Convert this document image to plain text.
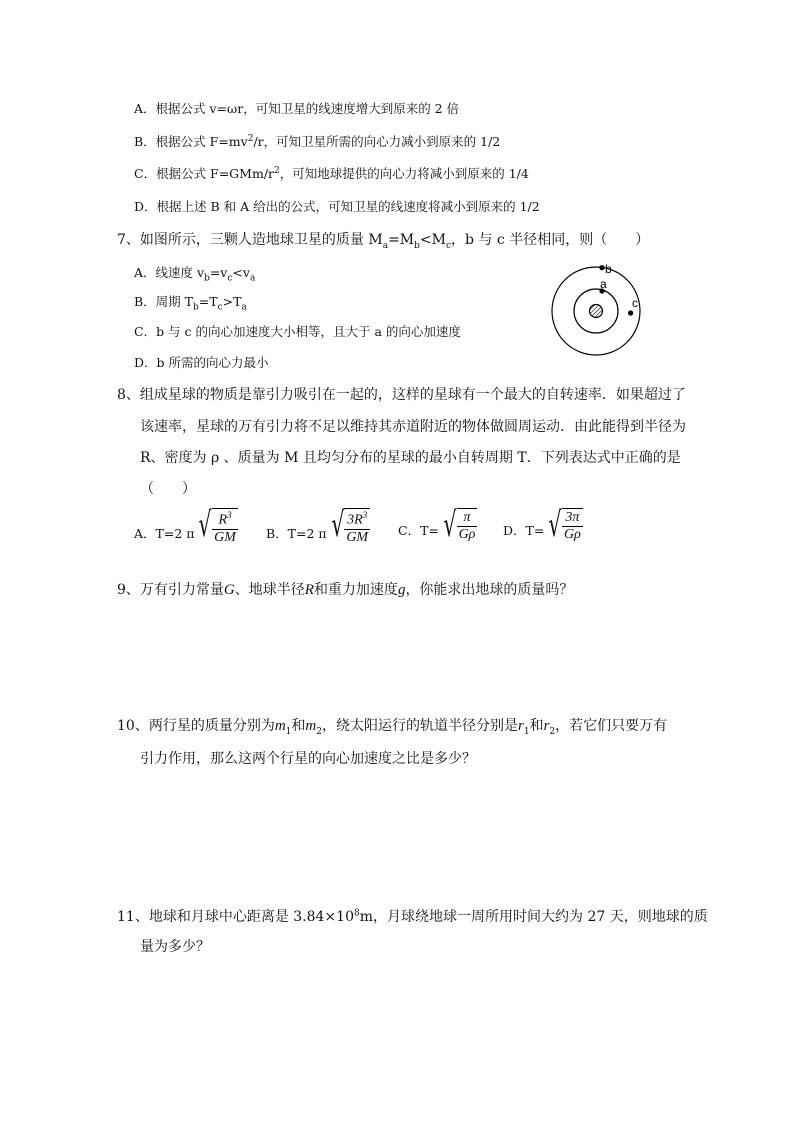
A．根据公式 v=ωr，可知卫星的线速度增大到原来的 2 倍
B．根据公式 $F=mv^2/r$，可知卫星所需的向心力减小到原来的 1/2
C．根据公式 $F=GMm/r^2$，可知地球提供的向心力将减小到原来的 1/4
D．根据上述 B 和 A 给出的公式，可知卫星的线速度将减小到原来的 1/2
7、如图所示，三颗人造地球卫星的质量 $M_a=M_b<M_c$，b 与 c 半径相同，则（　　）
A．线速度 $v_b=v_c<v_a$
B．周期 $T_b=T_c>T_a$
C．b 与 c 的向心加速度大小相等，且大于 a 的向心加速度
D．b 所需的向心力最小
a
b
c
8、组成星球的物质是靠引力吸引在一起的，这样的星球有一个最大的自转速率．如果超过了
该速率，星球的万有引力将不足以维持其赤道附近的物体做圆周运动．由此能得到半径为
R、密度为 ρ 、质量为 M 且均匀分布的星球的最小自转周期 T．下列表达式中正确的是
（　　）
A．T=2 π √ $\frac{R^3}{GM}$ B．T=2 π √ $\frac{3R^3}{GM}$ C．T= √ $\frac{\pi}{G\rho}$ D．T= √ $\frac{3\pi}{G\rho}$
9、万有引力常量G、地球半径R和重力加速度g，你能求出地球的质量吗？
10、两行星的质量分别为$m_1$和$m_2$，绕太阳运行的轨道半径分别是$r_1$和$r_2$，若它们只要万有
引力作用，那么这两个行星的向心加速度之比是多少？
11、地球和月球中心距离是 $3.84\times 10^8m$，月球绕地球一周所用时间大约为 27 天，则地球的质
量为多少？
